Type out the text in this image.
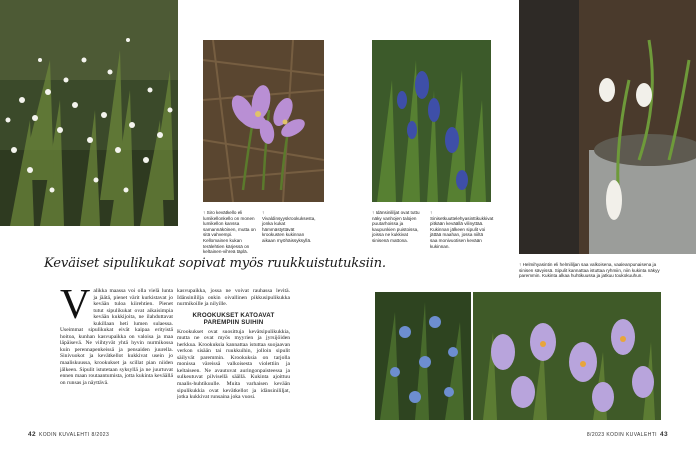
↑ Siro kevätkello eli lumikellonkello on monen lumikellon kanssa samannäköinen, mutta on sitä vahvempi. Kellomainen kukan terälehtien kärjessä on keltainen-vihreä täplä.
↑ Vivaldinsyyskrookuksesta, jonka kukat hämmästyttävät krookusten kukinnan aikaan myöhäissyksyllä.
↑ Idänsinililjat ovat tuttu näky vanhojen talojen puutarhoissa ja kaupunkien puistoissa, joissa ne kukkivat sinisenä mattona.
↑ Sinisetkuuttelehyasinttikukkivat pitkään keväällä vilinyttää. Kukinnan jälkeen sipulit voi jättää maahan, jossa niiltä saa monivuotisen kevään kukinnan.
↑ Helmihyasintin eli helmililjan saa valkoisena, vaaleanpunaisena ja sinisen sävyissä. Sipulit kannattaa istuttaa ryhmiin, niin kukinta näkyy paremmin. Kukinta alkaa huhtikuussa ja jatkuu toukokuuhun.
Keväiset sipulikukat sopivat myös ruukkuistutuksiin.
V alikka maassa voi olla vielä lunta ja jäätä, pienet värit kurkistavat jo kevään tuloa kiirehtien. Pienet tutut sipulikukat ovat aikaisimpia kevään kukkijoita, ne ilahduttavat kukillaan heti lumen sulaessa. Useimmat sipulikukat eivät kaipaa erityistä hoitoa, kunhan kasvupaikka on valoisa ja maa läpäisevä. Ne viihtyvät yhtä hyvin nurmikossa kuin perennapenkeissä ja pensaiden juurella. Sinivuokot ja kevätkellot kukkivat usein jo maaliskuussa, krookukset ja scillat pian niiden jälkeen. Sipulit istutetaan syksyllä ja ne juurtuvat ennen maan routaantumista, jotta kukinta keväällä on runsas ja näyttävä.

kasvupaikka, jossa ne voivat rauhassa levitä. Idänsinililja onkin oivallinen pikkusipulikukka nurmikoille ja nilyille.

KROOKUKSET KATOAVAT PAREMPIIN SUIHIN

Krookukset ovat suosittuja kevätsipulikukkia, mutta ne ovat myös myyrien ja jyrsijöiden herkkua. Krookuksia kannattaa istuttaa suojaavan verkon sisään tai ruukkuihin, jolloin sipulit säilyvät paremmin. Krookuksia on tarjolla monissa väreissä valkoisesta violettiin ja keltaiseen. Ne avautuvat auringonpaisteessa ja sulkeutuvat pilvisellä säällä. Kukinta ajoittuu maalis-huhtikuulle. Muita varhaisen kevään sipulikukkia ovat kevätkellot ja idänsinililjat, jotka kukkivat runsaina joka vuosi.

42 KODIN KUVALEHTI 8/2023	8/2023 KODIN KUVALEHTI 43
